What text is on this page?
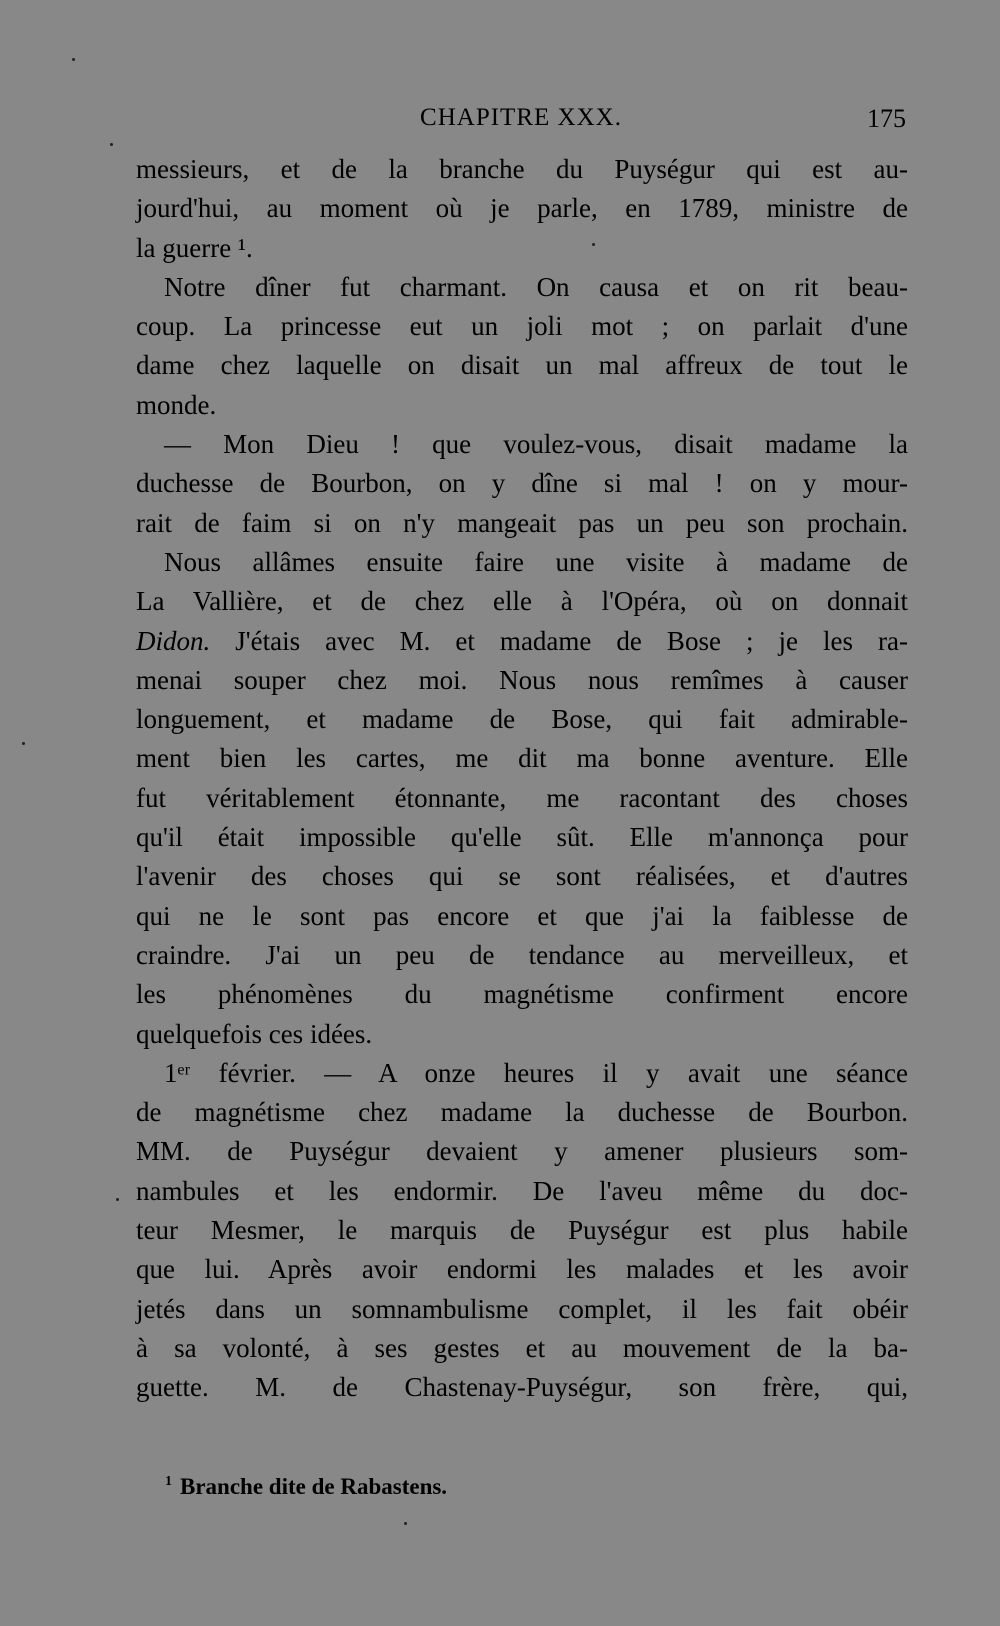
CHAPITRE XXX.	175
messieurs, et de la branche du Puységur qui est au-
jourd'hui, au moment où je parle, en 1789, ministre de
la guerre ¹.
Notre dîner fut charmant. On causa et on rit beau-
coup. La princesse eut un joli mot ; on parlait d'une
dame chez laquelle on disait un mal affreux de tout le
monde.
— Mon Dieu ! que voulez-vous, disait madame la
duchesse de Bourbon, on y dîne si mal ! on y mour-
rait de faim si on n'y mangeait pas un peu son prochain.
Nous allâmes ensuite faire une visite à madame de
La Vallière, et de chez elle à l'Opéra, où on donnait
Didon. J'étais avec M. et madame de Bose ; je les ra-
menai souper chez moi. Nous nous remîmes à causer
longuement, et madame de Bose, qui fait admirable-
ment bien les cartes, me dit ma bonne aventure. Elle
fut véritablement étonnante, me racontant des choses
qu'il était impossible qu'elle sût. Elle m'annonça pour
l'avenir des choses qui se sont réalisées, et d'autres
qui ne le sont pas encore et que j'ai la faiblesse de
craindre. J'ai un peu de tendance au merveilleux, et
les phénomènes du magnétisme confirment encore
quelquefois ces idées.
1ᵉʳ février. — A onze heures il y avait une séance
de magnétisme chez madame la duchesse de Bourbon.
MM. de Puységur devaient y amener plusieurs som-
nambules et les endormir. De l'aveu même du doc-
teur Mesmer, le marquis de Puységur est plus habile
que lui. Après avoir endormi les malades et les avoir
jetés dans un somnambulisme complet, il les fait obéir
à sa volonté, à ses gestes et au mouvement de la ba-
guette. M. de Chastenay-Puységur, son frère, qui,
$^1$ Branche dite de Rabastens.
